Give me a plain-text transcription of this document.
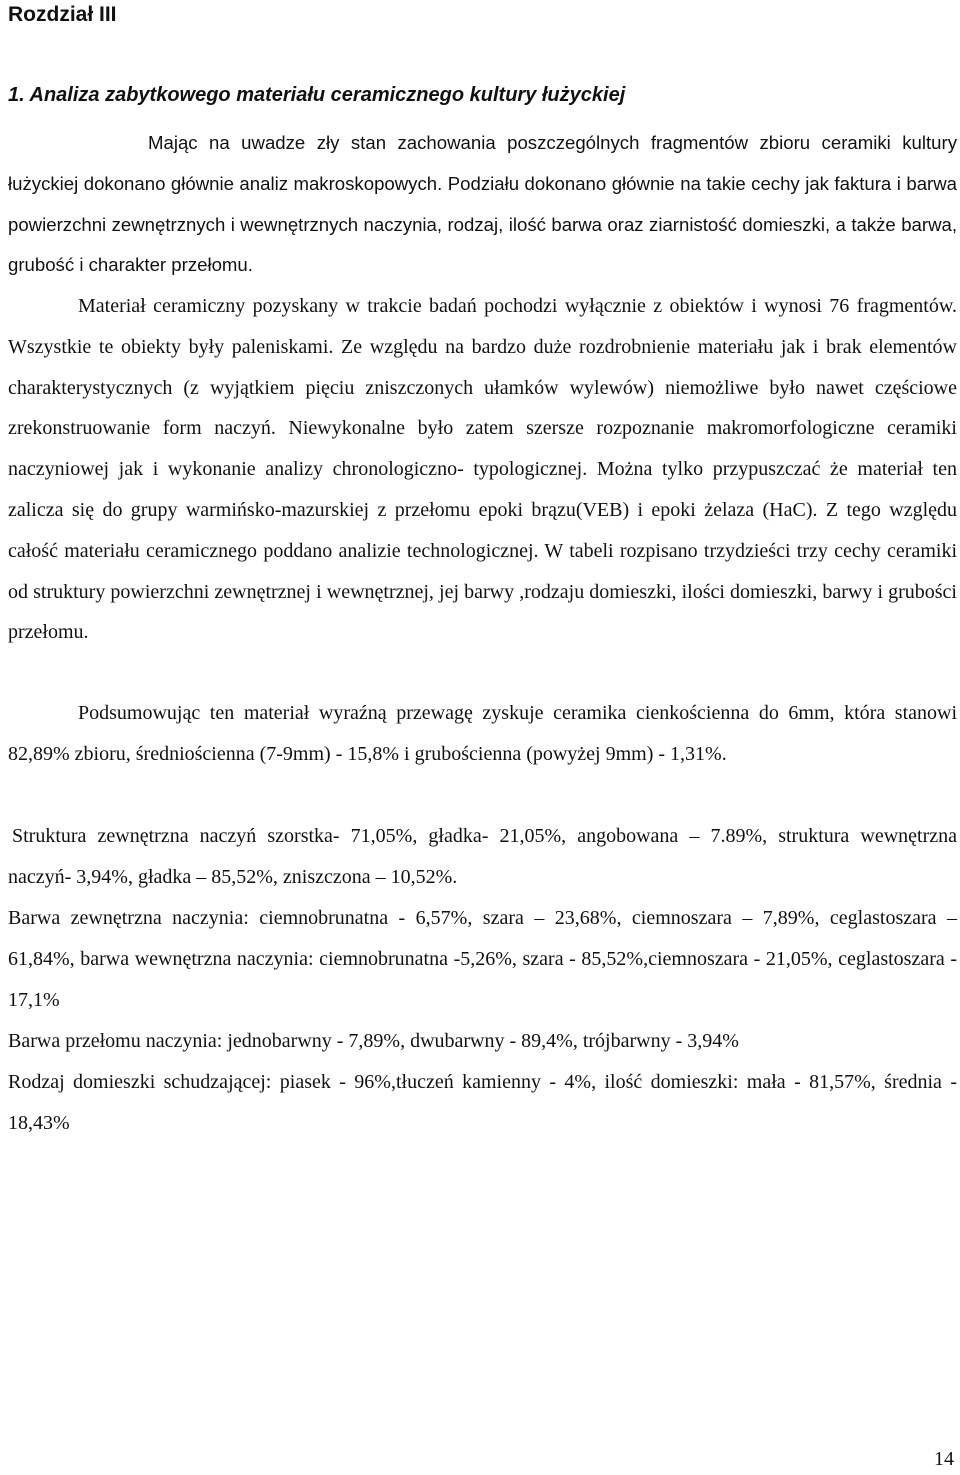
Rozdział III
1. Analiza zabytkowego materiału ceramicznego kultury łużyckiej

Mając na uwadze zły stan zachowania poszczególnych fragmentów zbioru ceramiki kultury łużyckiej dokonano głównie analiz makroskopowych. Podziału dokonano głównie na takie cechy jak faktura i barwa powierzchni zewnętrznych i wewnętrznych naczynia, rodzaj, ilość barwa oraz ziarnistość domieszki, a także barwa, grubość i charakter przełomu.

Materiał ceramiczny pozyskany w trakcie badań pochodzi wyłącznie z obiektów i wynosi 76 fragmentów. Wszystkie te obiekty były paleniskami. Ze względu na bardzo duże rozdrobnienie materiału jak i brak elementów charakterystycznych (z wyjątkiem pięciu zniszczonych ułamków wylewów) niemożliwe było nawet częściowe zrekonstruowanie form naczyń. Niewykonalne było zatem szersze rozpoznanie makromorfologiczne ceramiki naczyniowej jak i wykonanie analizy chronologiczno- typologicznej. Można tylko przypuszczać że materiał ten zalicza się do grupy warmińsko-mazurskiej z przełomu epoki brązu(VEB) i epoki żelaza (HaC). Z tego względu całość materiału ceramicznego poddano analizie technologicznej. W tabeli rozpisano trzydzieści trzy cechy ceramiki od struktury powierzchni zewnętrznej i wewnętrznej, jej barwy ,rodzaju domieszki, ilości domieszki, barwy i grubości przełomu.

Podsumowując ten materiał wyraźną przewagę zyskuje ceramika cienkościenna do 6mm, która stanowi 82,89% zbioru, średniościenna (7-9mm) - 15,8% i grubościenna (powyżej 9mm) - 1,31%.

Struktura zewnętrzna naczyń szorstka- 71,05%, gładka- 21,05%, angobowana – 7.89%, struktura wewnętrzna naczyń- 3,94%, gładka – 85,52%, zniszczona – 10,52%.

Barwa zewnętrzna naczynia: ciemnobrunatna - 6,57%, szara – 23,68%, ciemnoszara – 7,89%, ceglastoszara – 61,84%, barwa wewnętrzna naczynia: ciemnobrunatna -5,26%, szara - 85,52%,ciemnoszara - 21,05%, ceglastoszara - 17,1%

Barwa przełomu naczynia: jednobarwny - 7,89%, dwubarwny - 89,4%, trójbarwny - 3,94%

Rodzaj domieszki schudzającej: piasek - 96%,tłuczeń kamienny - 4%, ilość domieszki: mała - 81,57%, średnia - 18,43%

14
